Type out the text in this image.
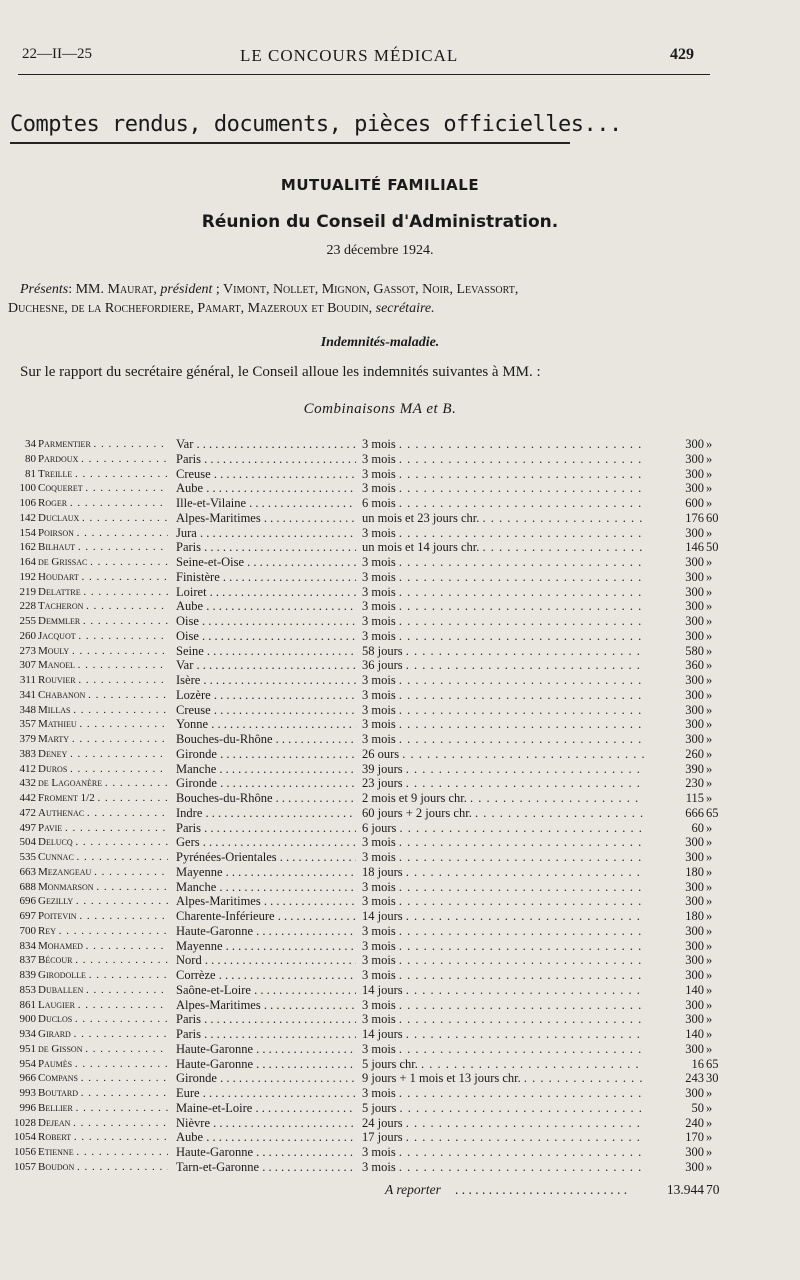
22—II—25	LE CONCOURS MÉDICAL	429
Comptes rendus, documents, pièces officielles...
MUTUALITÉ FAMILIALE
Réunion du Conseil d'Administration.
23 décembre 1924.
Présents: MM. Maurat, président ; Vimont, Nollet, Mignon, Gassot, Noir, Levassort,
Duchesne, de la Rochefordiere, Pamart, Mazeroux et Boudin, secrétaire.
Indemnités-maladie.
Sur le rapport du secrétaire général, le Conseil alloue les indemnités suivantes à MM. :
Combinaisons MA et B.
34 Parmentier . . .	Var . . .	3 mois . . .	300 »
80 Pardoux . . .	Paris . . .	3 mois . . .	300 »
81 Treille . . .	Creuse . . .	3 mois . . .	300 »
100 Coqueret . . .	Aube . . .	3 mois . . .	300 »
106 Roger . . .	Ille-et-Vilaine . . .	6 mois . . .	600 »
142 Duclaux . . .	Alpes-Maritimes . . .	un mois et 23 jours chr. . . .	176 60
154 Poirson . . .	Jura . . .	3 mois . . .	300 »
162 Bilhaut . . .	Paris . . .	un mois et 14 jours chr. . . .	146 50
164 de Grissac . . .	Seine-et-Oise . . .	3 mois . . .	300 »
192 Houdart . . .	Finistère . . .	3 mois . . .	300 »
219 Delattre . . .	Loiret . . .	3 mois . . .	300 »
228 Tacheron . . .	Aube . . .	3 mois . . .	300 »
255 Demmler . . .	Oise . . .	3 mois . . .	300 »
260 Jacquot . . .	Oise . . .	3 mois . . .	300 »
273 Mouly . . .	Seine . . .	58 jours . . .	580 »
307 Manoel . . .	Var . . .	36 jours . . .	360 »
311 Rouvier . . .	Isère . . .	3 mois . . .	300 »
341 Chabanon . . .	Lozère . . .	3 mois . . .	300 »
348 Millas . . .	Creuse . . .	3 mois . . .	300 »
357 Mathieu . . .	Yonne . . .	3 mois . . .	300 »
379 Marty . . .	Bouches-du-Rhône . . .	3 mois . . .	300 »
383 Deney . . .	Gironde . . .	26 ours . . .	260 »
412 Duros . . .	Manche . . .	39 jours . . .	390 »
432 de Lagoanère . . .	Gironde . . .	23 jours . . .	230 »
442 Froment 1/2 . . .	Bouches-du-Rhône . . .	2 mois et 9 jours chr. . . .	115 »
472 Authenac . . .	Indre . . .	60 jours + 2 jours chr. . . .	666 65
497 Pavie . . .	Paris . . .	6 jours . . .	60 »
504 Delucq . . .	Gers . . .	3 mois . . .	300 »
535 Cunnac . . .	Pyrénées-Orientales . . .	3 mois . . .	300 »
663 Mezangeau . . .	Mayenne . . .	18 jours . . .	180 »
688 Monmarson . . .	Manche . . .	3 mois . . .	300 »
696 Gezilly . . .	Alpes-Maritimes . . .	3 mois . . .	300 »
697 Poitevin . . .	Charente-Inférieure . . .	14 jours . . .	180 »
700 Rey . . .	Haute-Garonne . . .	3 mois . . .	300 »
834 Mohamed . . .	Mayenne . . .	3 mois . . .	300 »
837 Bécour . . .	Nord . . .	3 mois . . .	300 »
839 Girodolle . . .	Corrèze . . .	3 mois . . .	300 »
853 Duballen . . .	Saône-et-Loire . . .	14 jours . . .	140 »
861 Laugier . . .	Alpes-Maritimes . . .	3 mois . . .	300 »
900 Duclos . . .	Paris . . .	3 mois . . .	300 »
934 Girard . . .	Paris . . .	14 jours . . .	140 »
951 de Gisson . . .	Haute-Garonne . . .	3 mois . . .	300 »
954 Paumès . . .	Haute-Garonne . . .	5 jours chr. . . .	16 65
966 Compans . . .	Gironde . . .	9 jours + 1 mois et 13 jours chr. . . .	243 30
993 Boutard . . .	Eure . . .	3 mois . . .	300 »
996 Bellier . . .	Maine-et-Loire . . .	5 jours . . .	50 »
1028 Dejean . . .	Nièvre . . .	24 jours . . .	240 »
1054 Robert . . .	Aube . . .	17 jours . . .	170 »
1056 Etienne . . .	Haute-Garonne . . .	3 mois . . .	300 »
1057 Boudon . . .	Tarn-et-Garonne . . .	3 mois . . .	300 »
A reporter . . . . . . . . . . . . . . . . . . . . . . . . . .	13.944 70
